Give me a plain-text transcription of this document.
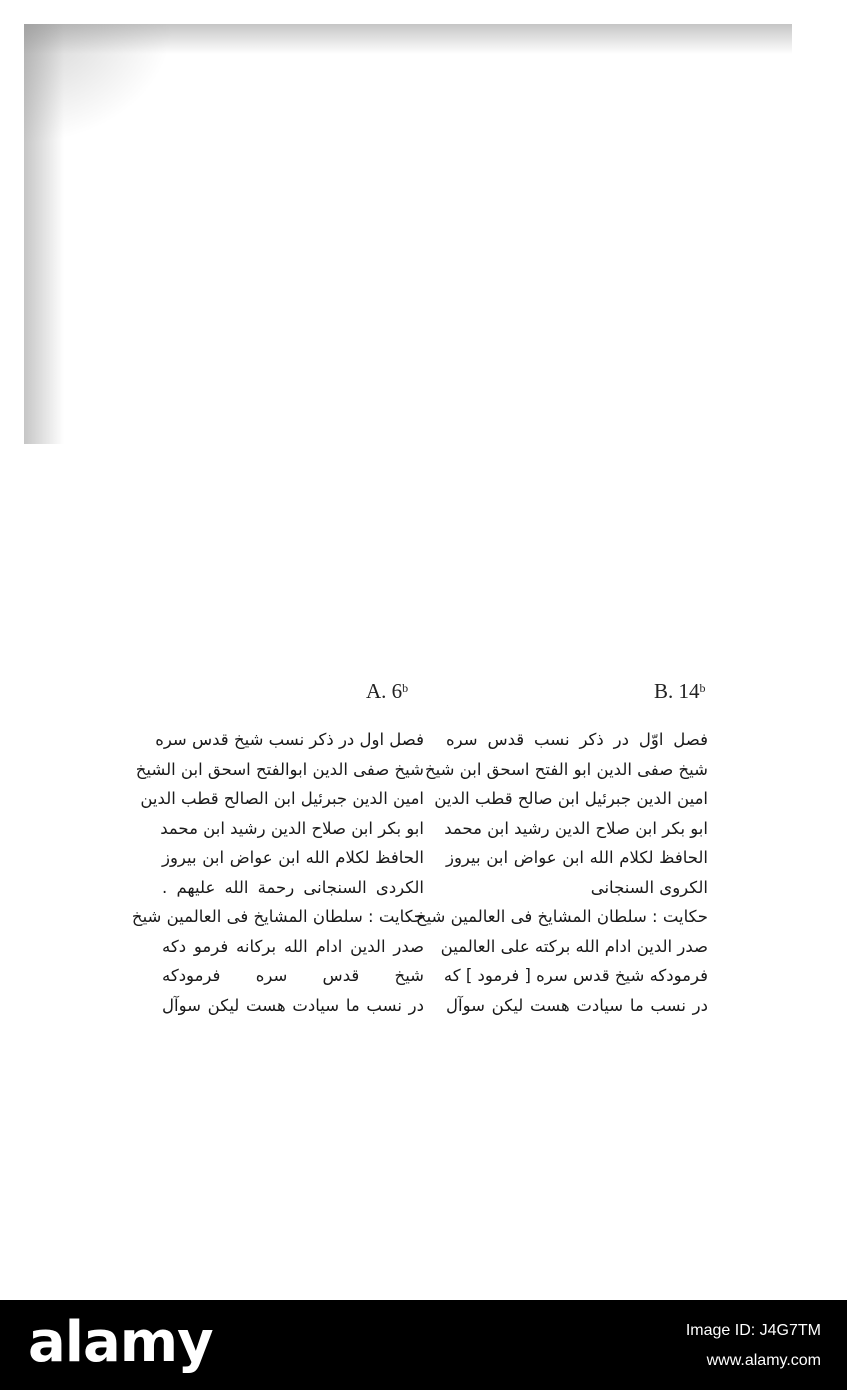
A. 6$^b$	B. 14$^b$
فصل اول در ذکر نسب شیخ قدس سره
شیخ صفی الدین ابوالفتح اسحق ابن الشیخ
امین الدین جبرئیل ابن الصالح قطب الدین
ابو بکر ابن صلاح الدین رشید ابن محمد
الحافظ لکلام الله ابن عواض ابن بیروز
الکردی السنجانی رحمة الله علیهم .
حکایت : سلطان المشایخ فی العالمین شیخ
صدر الدین ادام الله برکانه فرمو دکه
شیخ قدس سره فرمودکه
در نسب ما سیادت هست لیکن سوآل
فصل اوّل در ذکر نسب قدس سره
شیخ صفی الدین ابو الفتح اسحق ابن شیخ
امین الدین جبرئیل ابن صالح قطب الدین
ابو بکر ابن صلاح الدین رشید ابن محمد
الحافظ لکلام الله ابن عواض ابن بیروز
الکروی السنجانی
حکایت : سلطان المشایخ فی العالمین شیخ
صدر الدین ادام الله برکته علی العالمین
فرمودکه شیخ قدس سره [ فرمود ] که
در نسب ما سیادت هست لیکن سوآل
alamy	Image ID: J4G7TM
www.alamy.com
